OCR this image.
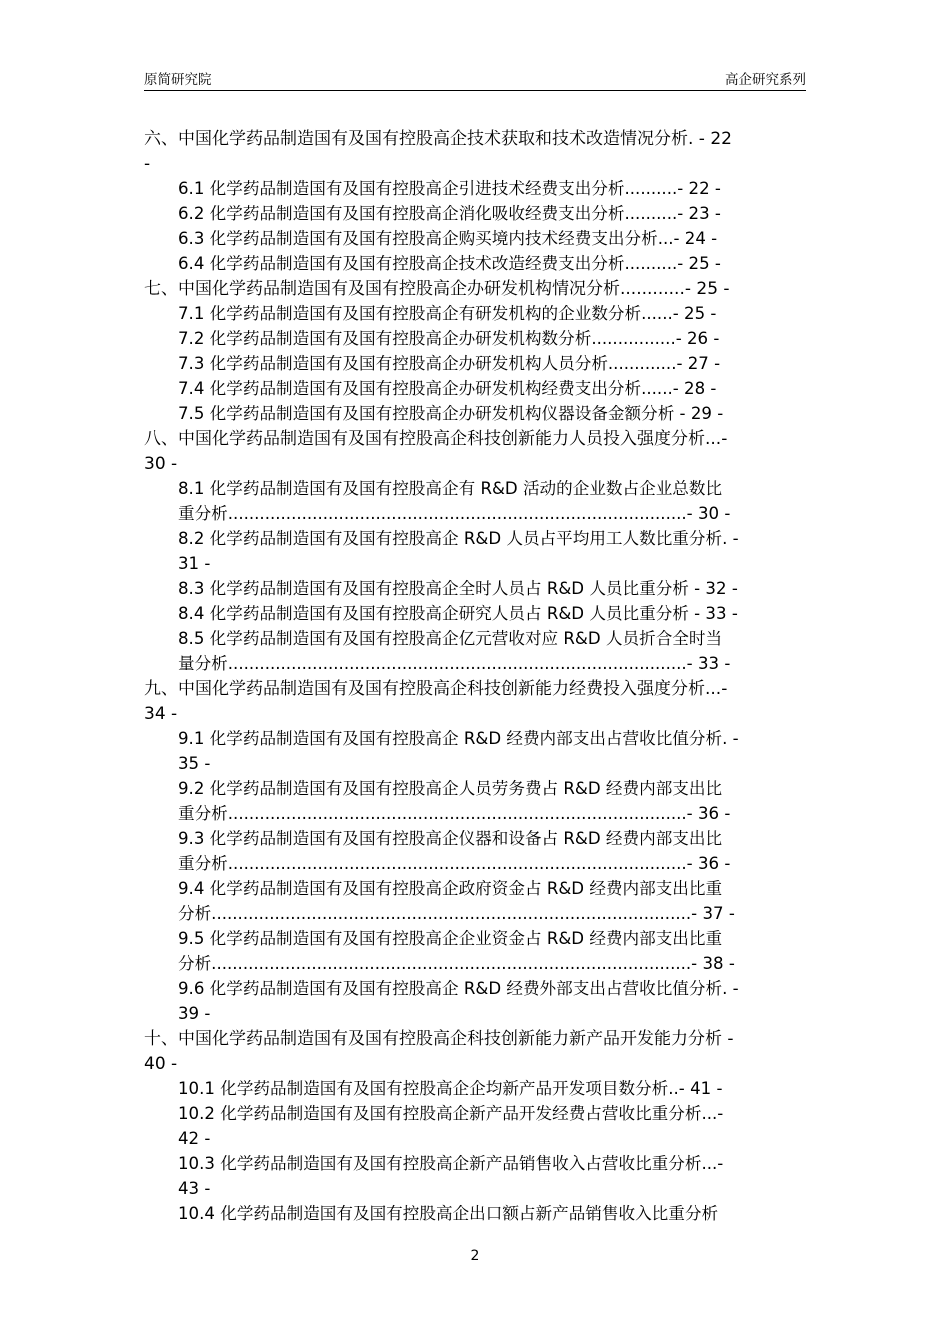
原简研究院	高企研究系列
六、中国化学药品制造国有及国有控股高企技术获取和技术改造情况分析. - 22
-
6.1 化学药品制造国有及国有控股高企引进技术经费支出分析..........- 22 -
6.2 化学药品制造国有及国有控股高企消化吸收经费支出分析..........- 23 -
6.3 化学药品制造国有及国有控股高企购买境内技术经费支出分析...- 24 -
6.4 化学药品制造国有及国有控股高企技术改造经费支出分析..........- 25 -
七、中国化学药品制造国有及国有控股高企办研发机构情况分析............- 25 -
7.1 化学药品制造国有及国有控股高企有研发机构的企业数分析......- 25 -
7.2 化学药品制造国有及国有控股高企办研发机构数分析................- 26 -
7.3 化学药品制造国有及国有控股高企办研发机构人员分析.............- 27 -
7.4 化学药品制造国有及国有控股高企办研发机构经费支出分析......- 28 -
7.5 化学药品制造国有及国有控股高企办研发机构仪器设备金额分析 - 29 -
八、中国化学药品制造国有及国有控股高企科技创新能力人员投入强度分析...-
30 -
8.1 化学药品制造国有及国有控股高企有 R&D 活动的企业数占企业总数比
重分析.......................................................................................- 30 -
8.2 化学药品制造国有及国有控股高企 R&D 人员占平均用工人数比重分析. -
31 -
8.3 化学药品制造国有及国有控股高企全时人员占 R&D 人员比重分析 - 32 -
8.4 化学药品制造国有及国有控股高企研究人员占 R&D 人员比重分析 - 33 -
8.5 化学药品制造国有及国有控股高企亿元营收对应 R&D 人员折合全时当
量分析.......................................................................................- 33 -
九、中国化学药品制造国有及国有控股高企科技创新能力经费投入强度分析...-
34 -
9.1 化学药品制造国有及国有控股高企 R&D 经费内部支出占营收比值分析. -
35 -
9.2 化学药品制造国有及国有控股高企人员劳务费占 R&D 经费内部支出比
重分析.......................................................................................- 36 -
9.3 化学药品制造国有及国有控股高企仪器和设备占 R&D 经费内部支出比
重分析.......................................................................................- 36 -
9.4 化学药品制造国有及国有控股高企政府资金占 R&D 经费内部支出比重
分析...........................................................................................- 37 -
9.5 化学药品制造国有及国有控股高企企业资金占 R&D 经费内部支出比重
分析...........................................................................................- 38 -
9.6 化学药品制造国有及国有控股高企 R&D 经费外部支出占营收比值分析. -
39 -
十、中国化学药品制造国有及国有控股高企科技创新能力新产品开发能力分析 -
40 -
10.1 化学药品制造国有及国有控股高企企均新产品开发项目数分析..- 41 -
10.2 化学药品制造国有及国有控股高企新产品开发经费占营收比重分析...-
42 -
10.3 化学药品制造国有及国有控股高企新产品销售收入占营收比重分析...-
43 -
10.4 化学药品制造国有及国有控股高企出口额占新产品销售收入比重分析
2
